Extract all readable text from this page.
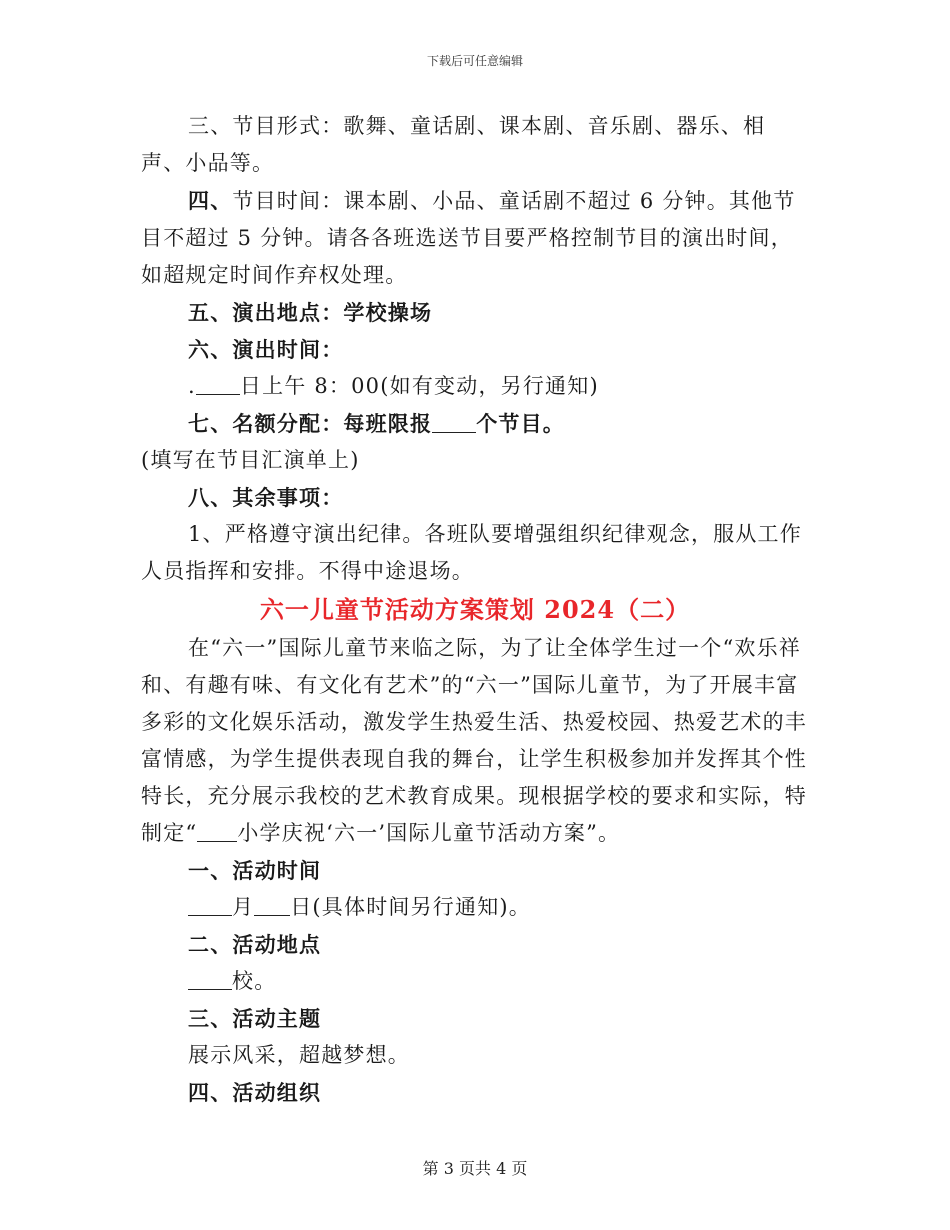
下载后可任意编辑

三、节目形式：歌舞、童话剧、课本剧、音乐剧、器乐、相声、小品等。

四、节目时间：课本剧、小品、童话剧不超过 6 分钟。其他节目不超过 5 分钟。请各各班选送节目要严格控制节目的演出时间，如超规定时间作弃权处理。

五、演出地点：学校操场

六、演出时间：

. 日上午 8：00(如有变动，另行通知)

七、名额分配：每班限报 个节目。

(填写在节目汇演单上)

八、其余事项：

1、严格遵守演出纪律。各班队要增强组织纪律观念，服从工作人员指挥和安排。不得中途退场。

六一儿童节活动方案策划 2024（二）

在“六一”国际儿童节来临之际，为了让全体学生过一个“欢乐祥和、有趣有味、有文化有艺术”的“六一”国际儿童节，为了开展丰富多彩的文化娱乐活动，激发学生热爱生活、热爱校园、热爱艺术的丰富情感，为学生提供表现自我的舞台，让学生积极参加并发挥其个性特长，充分展示我校的艺术教育成果。现根据学校的要求和实际，特制定“ 小学庆祝‘六一’国际儿童节活动方案”。

一、活动时间

月 日(具体时间另行通知)。

二、活动地点

校。

三、活动主题

展示风采，超越梦想。

四、活动组织

第 3 页共 4 页
